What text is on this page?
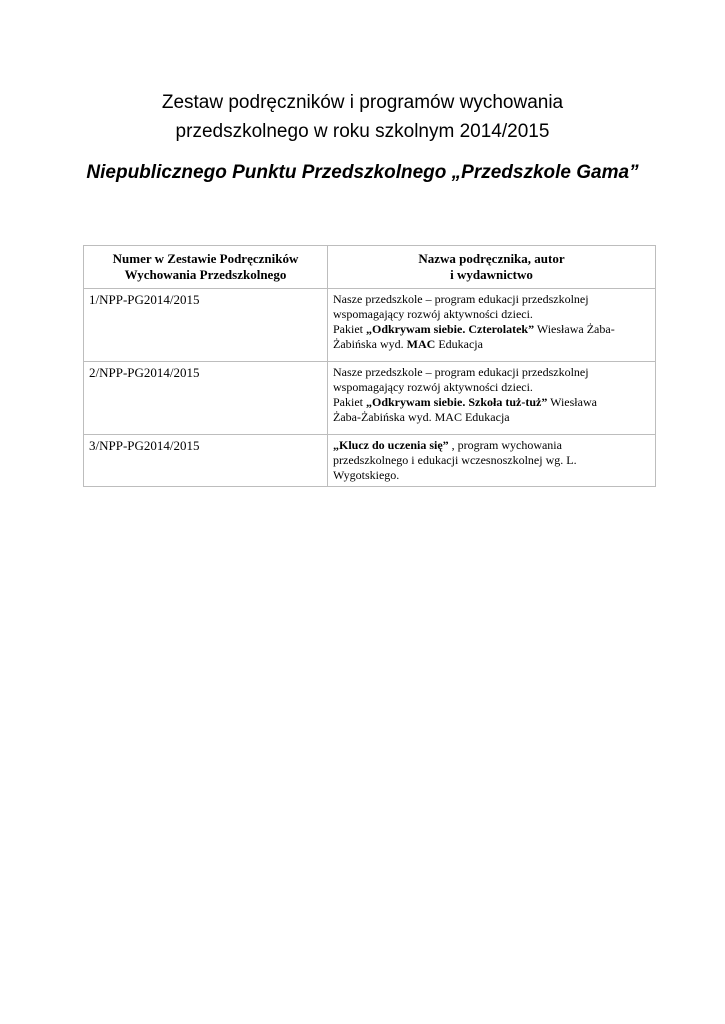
Zestaw podręczników i programów wychowania
przedszkolnego w roku szkolnym 2014/2015
Niepublicznego Punktu Przedszkolnego „Przedszkole Gama”
Numer w Zestawie Podręczników
Wychowania Przedszkolnego	Nazwa podręcznika, autor
i wydawnictwo
1/NPP-PG2014/2015	Nasze przedszkole – program edukacji przedszkolnej
wspomagający rozwój aktywności dzieci.
Pakiet „Odkrywam siebie. Czterolatek” Wiesława Żaba-
Żabińska wyd. MAC Edukacja
2/NPP-PG2014/2015	Nasze przedszkole – program edukacji przedszkolnej
wspomagający rozwój aktywności dzieci.
Pakiet „Odkrywam siebie. Szkoła tuż-tuż” Wiesława
Żaba-Żabińska wyd. MAC Edukacja
3/NPP-PG2014/2015	„Klucz do uczenia się” , program wychowania
przedszkolnego i edukacji wczesnoszkolnej wg. L.
Wygotskiego.
